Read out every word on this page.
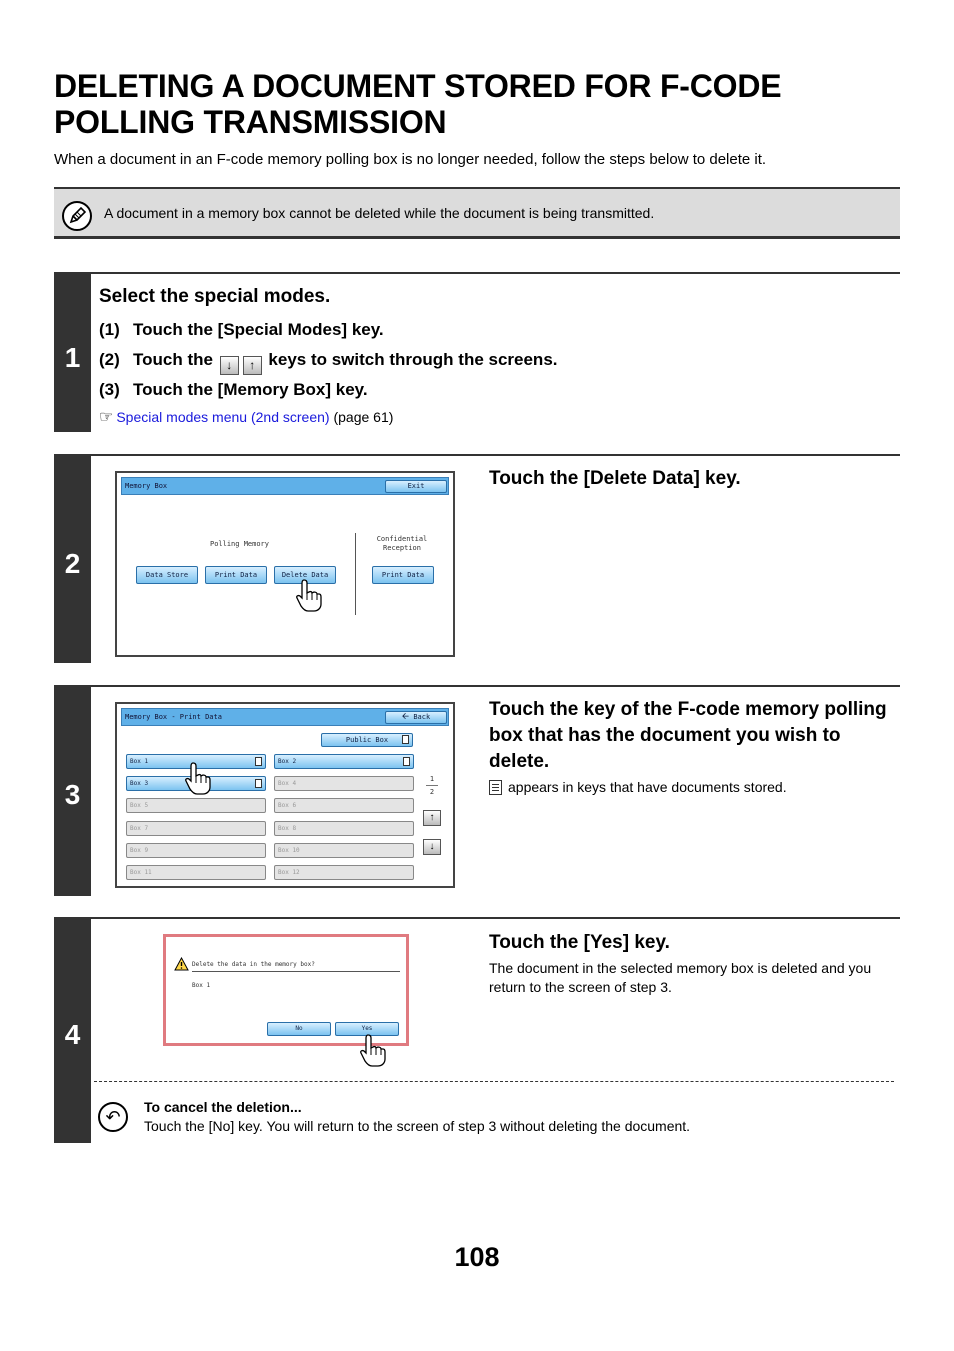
DELETING A DOCUMENT STORED FOR F-CODE POLLING TRANSMISSION
When a document in an F-code memory polling box is no longer needed, follow the steps below to delete it.
A document in a memory box cannot be deleted while the document is being transmitted.
1
Select the special modes.
(1) Touch the [Special Modes] key.
(2) Touch the ↓ ↑ keys to switch through the screens.
(3) Touch the [Memory Box] key.
☞ Special modes menu (2nd screen) (page 61)
2
Memory Box	Exit
Polling Memory
Confidential
Reception
Data Store	Print Data	Delete Data	Print Data
Touch the [Delete Data] key.
3
Memory Box - Print Data	🡨 Back
Public Box
Box 1	Box 2
Box 3	Box 4
Box 5	Box 6
Box 7	Box 8
Box 9	Box 10
Box 11	Box 12
1
2
↑
↓
Touch the key of the F-code memory polling box that has the document you wish to delete.
appears in keys that have documents stored.
4
Delete the data in the memory box?
Box 1
No	Yes
Touch the [Yes] key.
The document in the selected memory box is deleted and you return to the screen of step 3.
↶	To cancel the deletion...
Touch the [No] key. You will return to the screen of step 3 without deleting the document.
108
